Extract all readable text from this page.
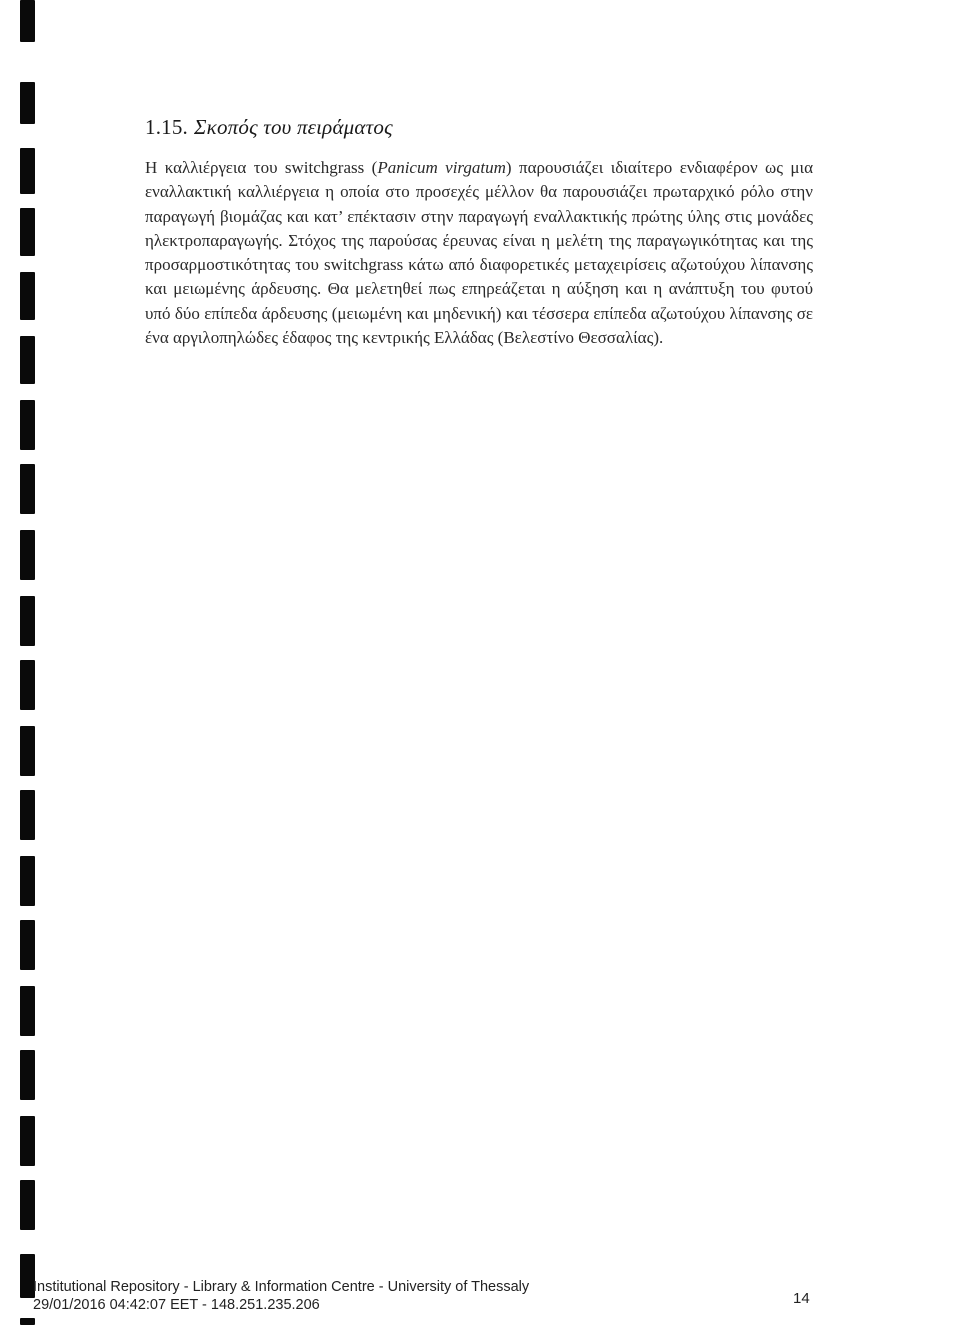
1.15. Σκοπός του πειράματος

Η καλλιέργεια του switchgrass (Panicum virgatum) παρουσιάζει ιδιαίτερο ενδιαφέρον ως μια εναλλακτική καλλιέργεια η οποία στο προσεχές μέλλον θα παρουσιάζει πρωταρχικό ρόλο στην παραγωγή βιομάζας και κατ’ επέκτασιν στην παραγωγή εναλλακτικής πρώτης ύλης στις μονάδες ηλεκτροπαραγωγής. Στόχος της παρούσας έρευνας είναι η μελέτη της παραγωγικότητας και της προσαρμοστικότητας του switchgrass κάτω από διαφορετικές μεταχειρίσεις αζωτούχου λίπανσης και μειωμένης άρδευσης. Θα μελετηθεί πως επηρεάζεται η αύξηση και η ανάπτυξη του φυτού υπό δύο επίπεδα άρδευσης (μειωμένη και μηδενική) και τέσσερα επίπεδα αζωτούχου λίπανσης σε ένα αργιλοπηλώδες έδαφος της κεντρικής Ελλάδας (Βελεστίνο Θεσσαλίας).

Institutional Repository - Library & Information Centre - University of Thessaly
29/01/2016 04:42:07 EET - 148.251.235.206	14
